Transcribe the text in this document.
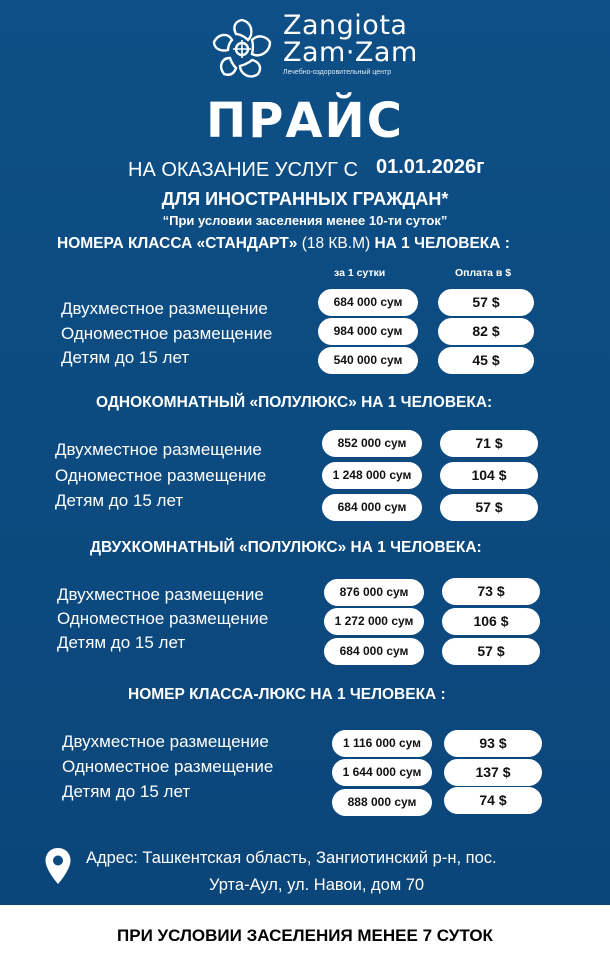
Zangiota
Zam·Zam
Лечебно-оздоровительный центр
ПРАЙС
НА ОКАЗАНИЕ УСЛУГ С 01.01.2026г
ДЛЯ ИНОСТРАННЫХ ГРАЖДАН*
“При условии заселения менее 10-ти суток”
НОМЕРА КЛАССА «СТАНДАРТ» (18 КВ.М) НА 1 ЧЕЛОВЕКА :
за 1 сутки	Оплата в $
Двухместное размещение
Одноместное размещение
Детям до 15 лет
684 000 сум
984 000 сум
540 000 сум
57 $
82 $
45 $
ОДНОКОМНАТНЫЙ «ПОЛУЛЮКС» НА 1 ЧЕЛОВЕКА:
Двухместное размещение
Одноместное размещение
Детям до 15 лет
852 000 сум
1 248 000 сум
684 000 сум
71 $
104 $
57 $
ДВУХКОМНАТНЫЙ «ПОЛУЛЮКС» НА 1 ЧЕЛОВЕКА:
Двухместное размещение
Одноместное размещение
Детям до 15 лет
876 000 сум
1 272 000 сум
684 000 сум
73 $
106 $
57 $
НОМЕР КЛАССА-ЛЮКС НА 1 ЧЕЛОВЕКА :
Двухместное размещение
Одноместное размещение
Детям до 15 лет
1 116 000 сум
1 644 000 сум
888 000 сум
93 $
137 $
74 $
Адрес: Ташкентская область, Зангиотинский р-н, пос.
Урта-Аул, ул. Навои, дом 70
ПРИ УСЛОВИИ ЗАСЕЛЕНИЯ МЕНЕЕ 7 СУТОК
